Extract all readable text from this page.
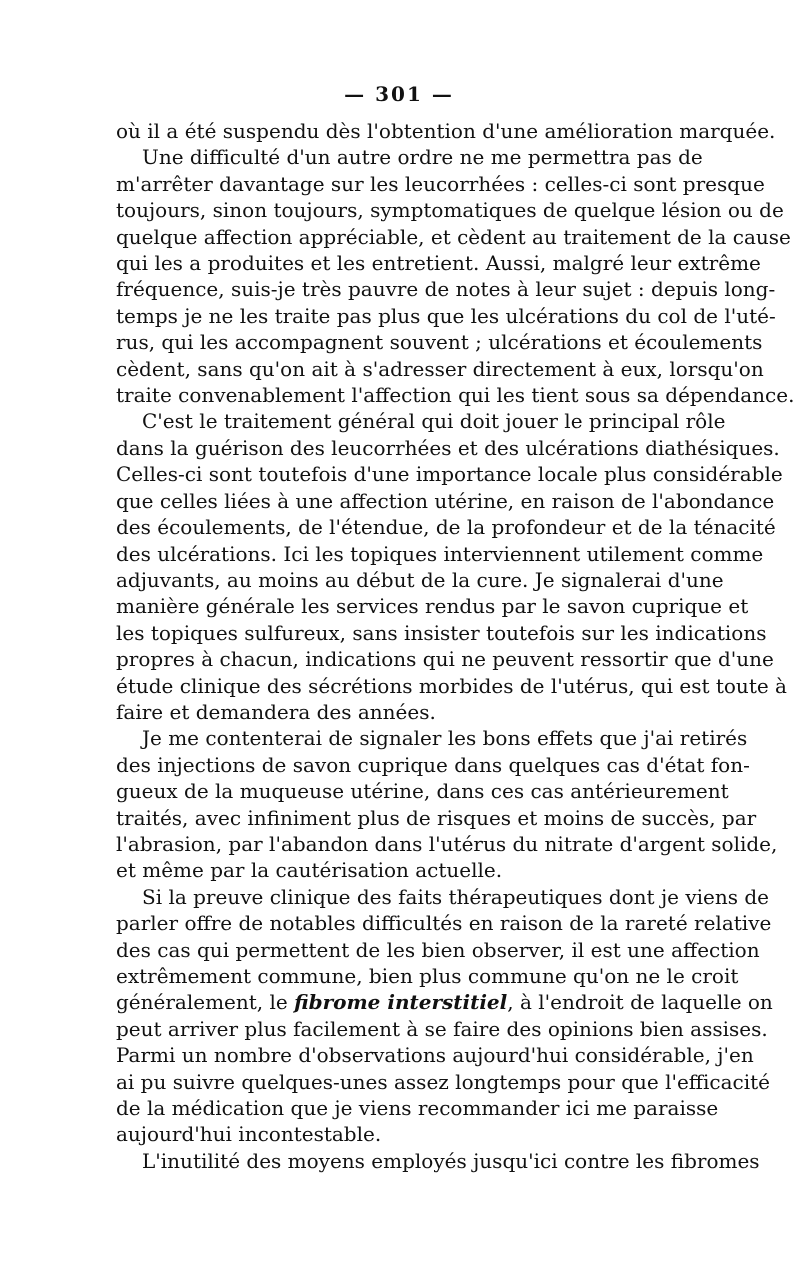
— 301 —
où il a été suspendu dès l'obtention d'une amélioration marquée.
Une difficulté d'un autre ordre ne me permettra pas de
m'arrêter davantage sur les leucorrhées : celles-ci sont presque
toujours, sinon toujours, symptomatiques de quelque lésion ou de
quelque affection appréciable, et cèdent au traitement de la cause
qui les a produites et les entretient. Aussi, malgré leur extrême
fréquence, suis-je très pauvre de notes à leur sujet : depuis long-
temps je ne les traite pas plus que les ulcérations du col de l'uté-
rus, qui les accompagnent souvent ; ulcérations et écoulements
cèdent, sans qu'on ait à s'adresser directement à eux, lorsqu'on
traite convenablement l'affection qui les tient sous sa dépendance.
C'est le traitement général qui doit jouer le principal rôle
dans la guérison des leucorrhées et des ulcérations diathésiques.
Celles-ci sont toutefois d'une importance locale plus considérable
que celles liées à une affection utérine, en raison de l'abondance
des écoulements, de l'étendue, de la profondeur et de la ténacité
des ulcérations. Ici les topiques interviennent utilement comme
adjuvants, au moins au début de la cure. Je signalerai d'une
manière générale les services rendus par le savon cuprique et
les topiques sulfureux, sans insister toutefois sur les indications
propres à chacun, indications qui ne peuvent ressortir que d'une
étude clinique des sécrétions morbides de l'utérus, qui est toute à
faire et demandera des années.
Je me contenterai de signaler les bons effets que j'ai retirés
des injections de savon cuprique dans quelques cas d'état fon-
gueux de la muqueuse utérine, dans ces cas antérieurement
traités, avec infiniment plus de risques et moins de succès, par
l'abrasion, par l'abandon dans l'utérus du nitrate d'argent solide,
et même par la cautérisation actuelle.
Si la preuve clinique des faits thérapeutiques dont je viens de
parler offre de notables difficultés en raison de la rareté relative
des cas qui permettent de les bien observer, il est une affection
extrêmement commune, bien plus commune qu'on ne le croit
généralement, le fibrome interstitiel, à l'endroit de laquelle on
peut arriver plus facilement à se faire des opinions bien assises.
Parmi un nombre d'observations aujourd'hui considérable, j'en
ai pu suivre quelques-unes assez longtemps pour que l'efficacité
de la médication que je viens recommander ici me paraisse
aujourd'hui incontestable.
L'inutilité des moyens employés jusqu'ici contre les fibromes
